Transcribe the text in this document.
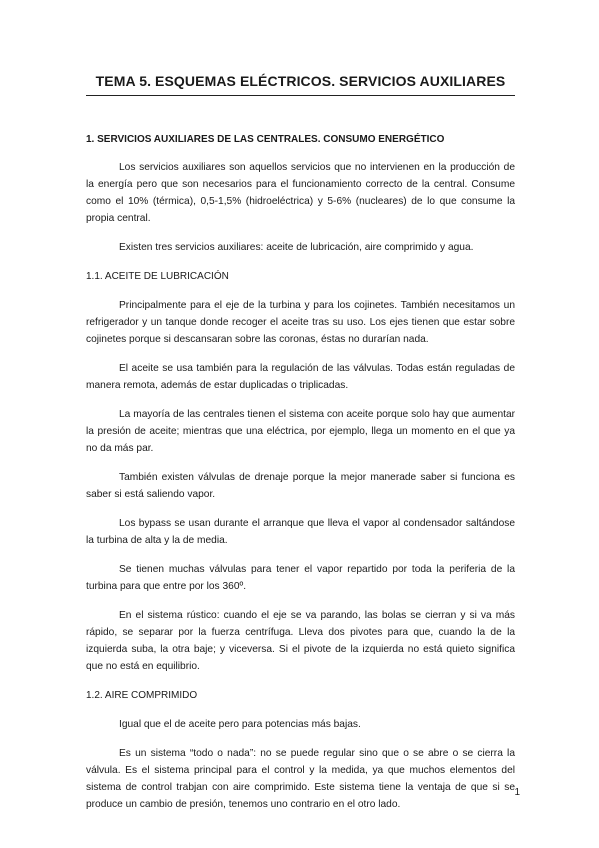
TEMA 5. ESQUEMAS ELÉCTRICOS. SERVICIOS AUXILIARES
1. SERVICIOS AUXILIARES DE LAS CENTRALES. CONSUMO ENERGÉTICO

Los servicios auxiliares son aquellos servicios que no intervienen en la producción de la energía pero que son necesarios para el funcionamiento correcto de la central. Consume como el 10% (térmica), 0,5-1,5% (hidroeléctrica) y 5-6% (nucleares) de lo que consume la propia central.

Existen tres servicios auxiliares: aceite de lubricación, aire comprimido y agua.

1.1. ACEITE DE LUBRICACIÓN

Principalmente para el eje de la turbina y para los cojinetes. También necesitamos un refrigerador y un tanque donde recoger el aceite tras su uso. Los ejes tienen que estar sobre cojinetes porque si descansaran sobre las coronas, éstas no durarían nada.

El aceite se usa también para la regulación de las válvulas. Todas están reguladas de manera remota, además de estar duplicadas o triplicadas.

La mayoría de las centrales tienen el sistema con aceite porque solo hay que aumentar la presión de aceite; mientras que una eléctrica, por ejemplo, llega un momento en el que ya no da más par.

También existen válvulas de drenaje porque la mejor manerade saber si funciona es saber si está saliendo vapor.

Los bypass se usan durante el arranque que lleva el vapor al condensador saltándose la turbina de alta y la de media.

Se tienen muchas válvulas para tener el vapor repartido por toda la periferia de la turbina para que entre por los 360º.

En el sistema rústico: cuando el eje se va parando, las bolas se cierran y si va más rápido, se separar por la fuerza centrífuga. Lleva dos pivotes para que, cuando la de la izquierda suba, la otra baje; y viceversa. Si el pivote de la izquierda no está quieto significa que no está en equilibrio.

1.2. AIRE COMPRIMIDO

Igual que el de aceite pero para potencias más bajas.

Es un sistema “todo o nada”: no se puede regular sino que o se abre o se cierra la válvula. Es el sistema principal para el control y la medida, ya que muchos elementos del sistema de control trabjan con aire comprimido. Este sistema tiene la ventaja de que si se produce un cambio de presión, tenemos uno contrario en el otro lado.

1
